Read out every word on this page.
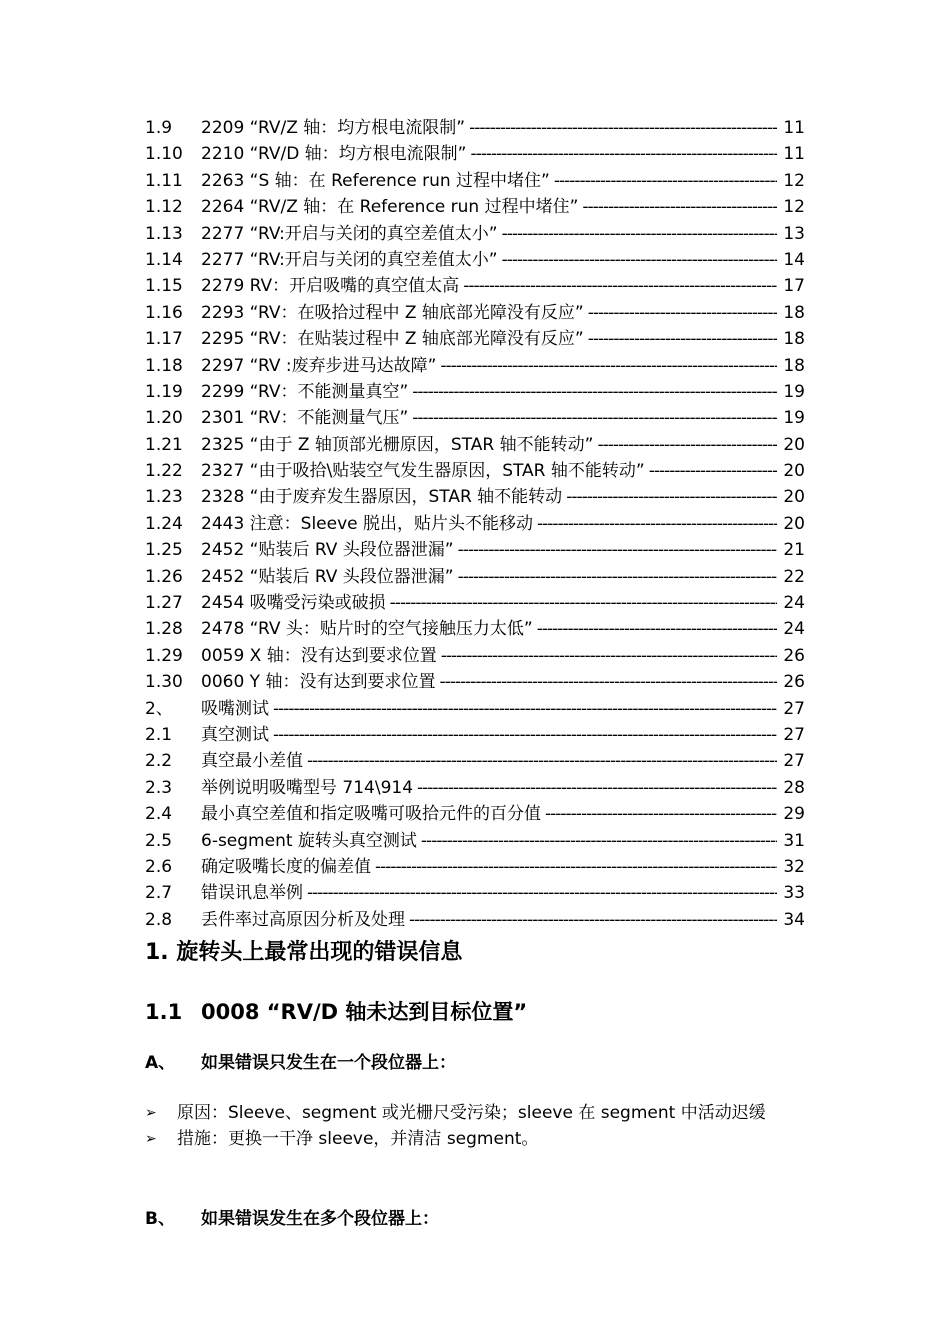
1.9	2209 “RV/Z 轴：均方根电流限制” -----	11
1.10	2210 “RV/D 轴：均方根电流限制” -----	11
1.11	2263 “S 轴：在 Reference run 过程中堵住” -----	12
1.12	2264 “RV/Z 轴：在 Reference run 过程中堵住” -----	12
1.13	2277 “RV:开启与关闭的真空差值太小” -----	13
1.14	2277 “RV:开启与关闭的真空差值太小” -----	14
1.15	2279 RV：开启吸嘴的真空值太高 -----	17
1.16	2293 “RV：在吸拾过程中 Z 轴底部光障没有反应” -----	18
1.17	2295 “RV：在贴装过程中 Z 轴底部光障没有反应” -----	18
1.18	2297 “RV :废弃步进马达故障” -----	18
1.19	2299 “RV：不能测量真空” -----	19
1.20	2301 “RV：不能测量气压” -----	19
1.21	2325 “由于 Z 轴顶部光栅原因，STAR 轴不能转动” -----	20
1.22	2327 “由于吸拾\贴装空气发生器原因，STAR 轴不能转动” -----	20
1.23	2328 “由于废弃发生器原因，STAR 轴不能转动 -----	20
1.24	2443 注意：Sleeve 脱出，贴片头不能移动 -----	20
1.25	2452 “贴装后 RV 头段位器泄漏” -----	21
1.26	2452 “贴装后 RV 头段位器泄漏” -----	22
1.27	2454 吸嘴受污染或破损 -----	24
1.28	2478 “RV 头：贴片时的空气接触压力太低” -----	24
1.29	0059 X 轴：没有达到要求位置 -----	26
1.30	0060 Y 轴：没有达到要求位置 -----	26
2、	吸嘴测试 -----	27
2.1	真空测试 -----	27
2.2	真空最小差值 -----	27
2.3	举例说明吸嘴型号 714\914 -----	28
2.4	最小真空差值和指定吸嘴可吸拾元件的百分值 -----	29
2.5	6-segment 旋转头真空测试 -----	31
2.6	确定吸嘴长度的偏差值 -----	32
2.7	错误讯息举例 -----	33
2.8	丢件率过高原因分析及处理 -----	34
1. 旋转头上最常出现的错误信息
1.1 0008 “RV/D 轴未达到目标位置”
A、 如果错误只发生在一个段位器上：
➢	原因：Sleeve、segment 或光栅尺受污染；sleeve 在 segment 中活动迟缓
➢	措施：更换一干净 sleeve，并清洁 segment。
B、 如果错误发生在多个段位器上：
